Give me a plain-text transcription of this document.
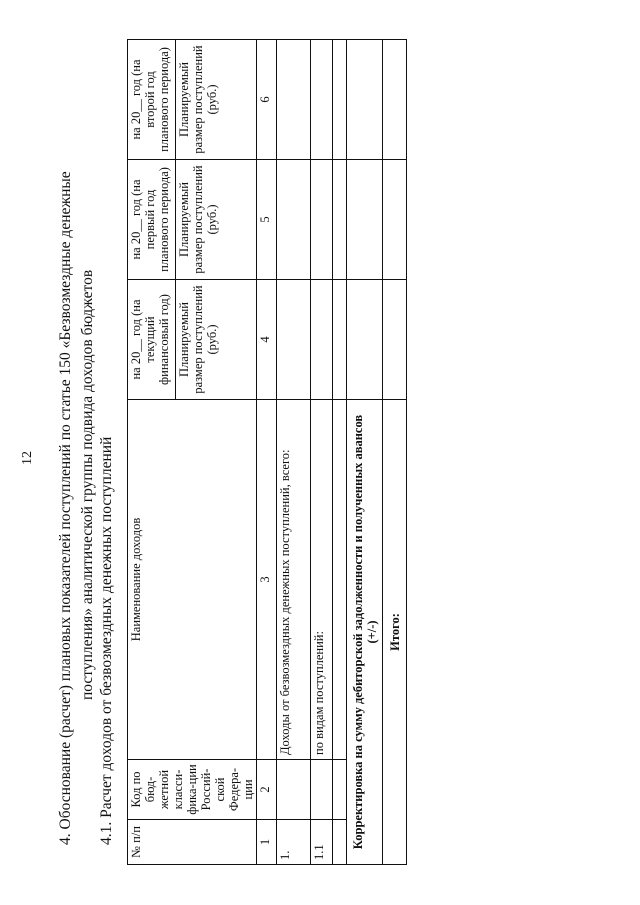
12 4. Обоснование (расчет) плановых показателей поступлений по статье 150 «Безвозмездные денежные поступления» аналитической группы подвида доходов бюджетов 4.1. Расчет доходов от безвозмездных денежных поступлений № п/п	Код по бюд-жетной класси-фика-ции Россий-ской Федера-ции	Наименование доходов	на 20__ год (на текущий финансовый год)	на 20__ год (на первый год планового периода)	на 20__ год (на второй год планового периода)
			Планируемый размер поступлений (руб.)	Планируемый размер поступлений (руб.)	Планируемый размер поступлений (руб.)
1	2	3	4	5	6
1.		Доходы от безвозмездных денежных поступлений, всего:			
1.1		по видам поступлений:			

Корректировка на сумму дебиторской задолженности и полученных авансов (+/-)					
Итого:					
